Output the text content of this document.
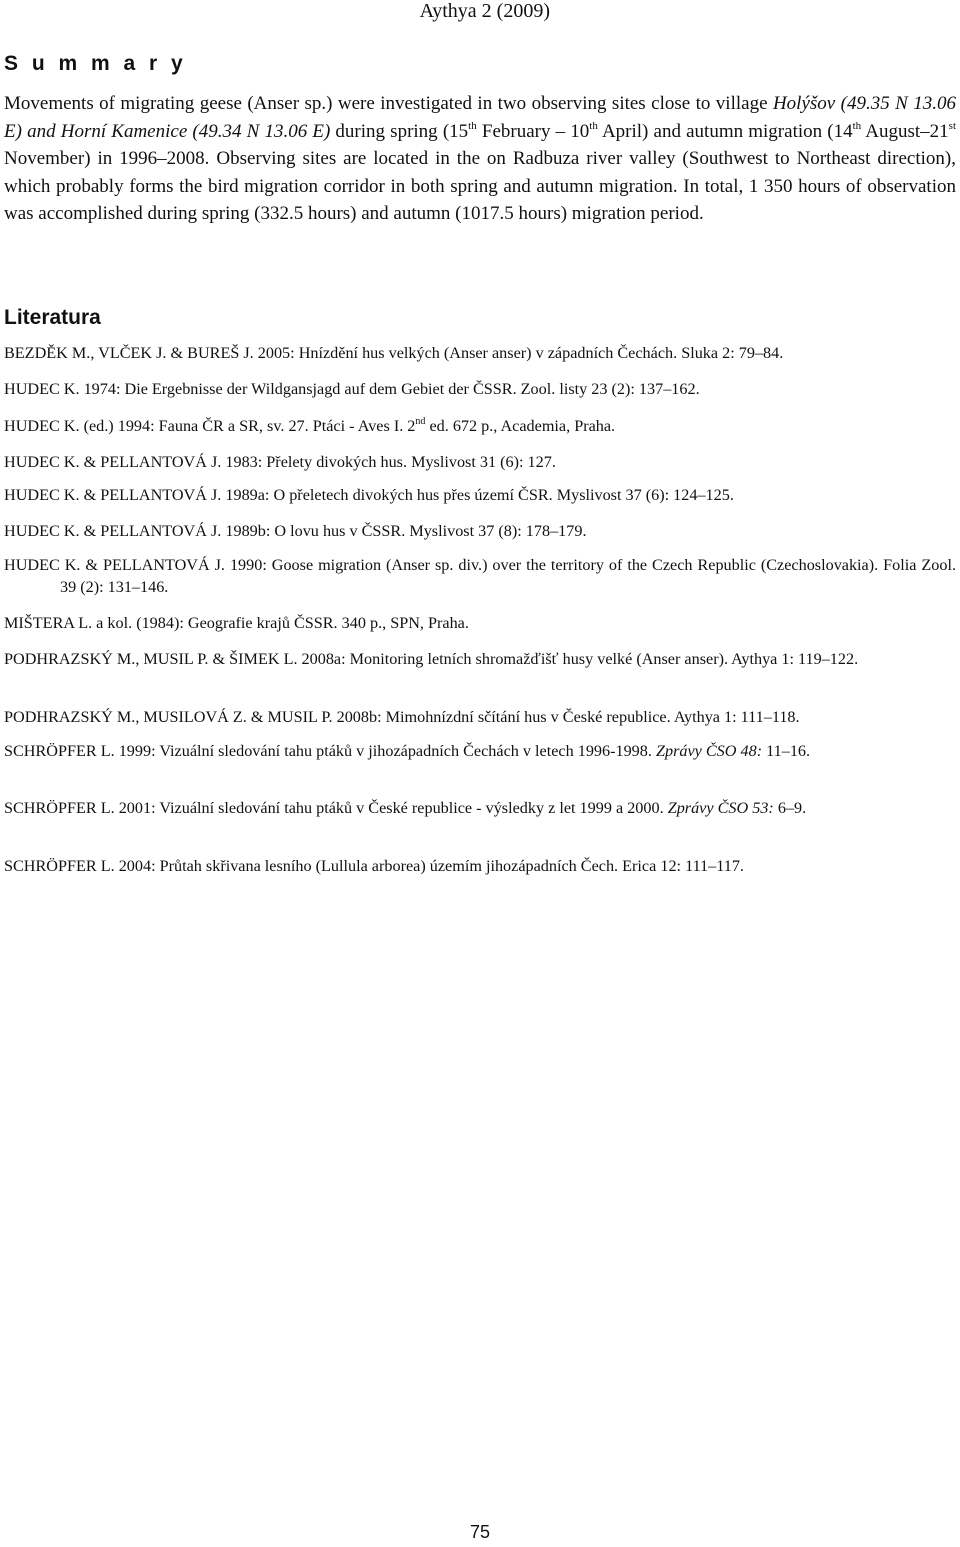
Aythya 2 (2009)
S u m m a r y

Movements of migrating geese (Anser sp.) were investigated in two observing sites close to village Holýšov (49.35 N 13.06 E) and Horní Kamenice (49.34 N 13.06 E) during spring (15th February – 10th April) and autumn migration (14th August–21st November) in 1996–2008. Observing sites are located in the on Radbuza river valley (Southwest to Northeast direction), which probably forms the bird migration corridor in both spring and autumn migration. In total, 1 350 hours of observation was accomplished during spring (332.5 hours) and autumn (1017.5 hours) migration period.

Literatura
BEZDĚK M., VLČEK J. & BUREŠ J. 2005: Hnízdění hus velkých (Anser anser) v západních Čechách. Sluka 2: 79–84.
HUDEC K. 1974: Die Ergebnisse der Wildgansjagd auf dem Gebiet der ČSSR. Zool. listy 23 (2): 137–162.
HUDEC K. (ed.) 1994: Fauna ČR a SR, sv. 27. Ptáci - Aves I. 2nd ed. 672 p., Academia, Praha.
HUDEC K. & PELLANTOVÁ J. 1983: Přelety divokých hus. Myslivost 31 (6): 127.
HUDEC K. & PELLANTOVÁ J. 1989a: O přeletech divokých hus přes území ČSR. Myslivost 37 (6): 124–125.
HUDEC K. & PELLANTOVÁ J. 1989b: O lovu hus v ČSSR. Myslivost 37 (8): 178–179.
HUDEC K. & PELLANTOVÁ J. 1990: Goose migration (Anser sp. div.) over the territory of the Czech Republic (Czechoslovakia). Folia Zool. 39 (2): 131–146.
MIŠTERA L. a kol. (1984): Geografie krajů ČSSR. 340 p., SPN, Praha.
PODHRAZSKÝ M., MUSIL P. & ŠIMEK L. 2008a: Monitoring letních shromažďišť husy velké (Anser anser). Aythya 1: 119–122.
PODHRAZSKÝ M., MUSILOVÁ Z. & MUSIL P. 2008b: Mimohnízdní sčítání hus v České republice. Aythya 1: 111–118.
SCHRÖPFER L. 1999: Vizuální sledování tahu ptáků v jihozápadních Čechách v letech 1996-1998. Zprávy ČSO 48: 11–16.
SCHRÖPFER L. 2001: Vizuální sledování tahu ptáků v České republice - výsledky z let 1999 a 2000. Zprávy ČSO 53: 6–9.
SCHRÖPFER L. 2004: Průtah skřivana lesního (Lullula arborea) územím jihozápadních Čech. Erica 12: 111–117.
75
